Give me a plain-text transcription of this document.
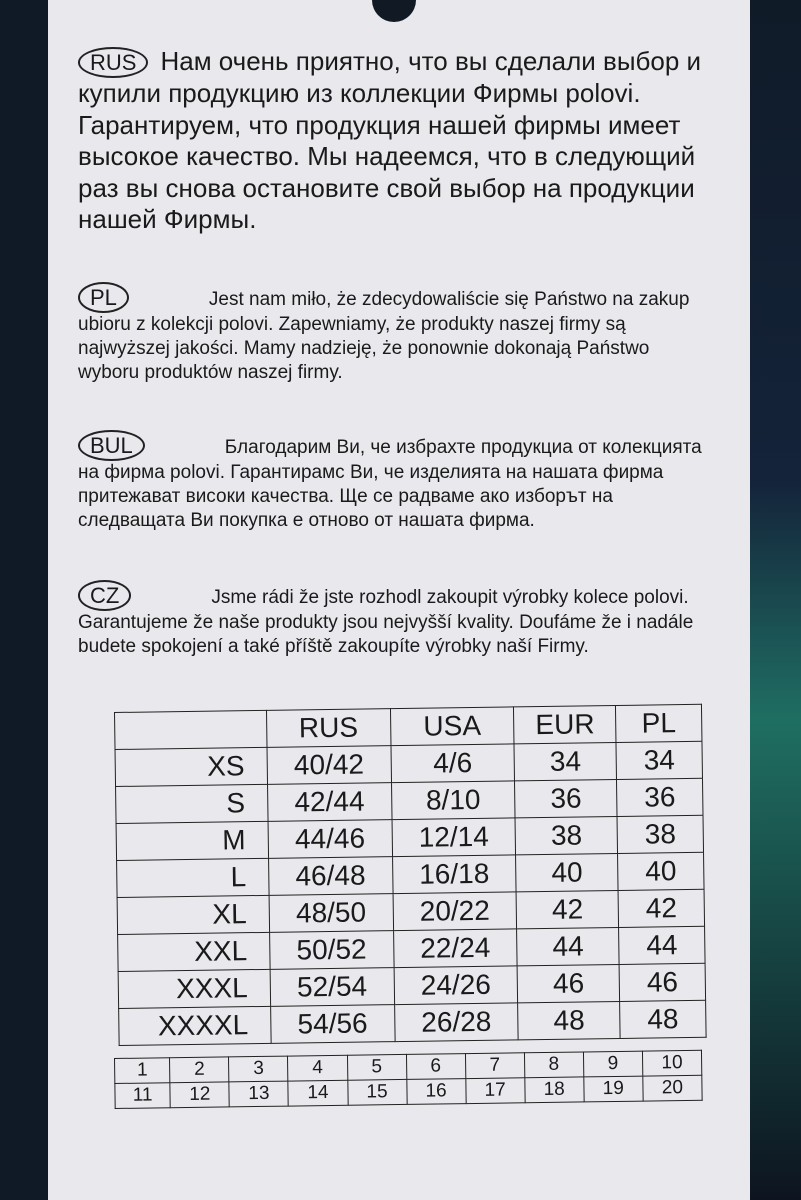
RUS Нам очень приятно, что вы сделали выбор и купили продукцию из коллекции Фирмы polovi. Гарантируем, что продукция нашей фирмы имеет высокое качество. Мы надеемся, что в следующий раз вы снова остановите свой выбор на продукции нашей Фирмы.
PL	Jest nam miło, że zdecydowaliście się Państwo na zakup ubioru z kolekcji polovi. Zapewniamy, że produkty naszej firmy są najwyższej jakości. Mamy nadzieję, że ponownie dokonają Państwo wyboru produktów naszej firmy.
BUL	Благодарим Ви, че избрахте продукциа от колекцията на фирма polovi. Гарантирамс Ви, че изделията на нашата фирма притежават високи качества. Ще се радваме ако изборът на следващата Ви покупка е отново от нашата фирма.
CZ	Jsme rádi že jste rozhodl zakoupit výrobky kolece polovi. Garantujeme že naše produkty jsou nejvyšší kvality. Doufáme že i nadále budete spokojení a také příště zakoupíte výrobky naší Firmy.
	RUS	USA	EUR	PL
XS	40/42	4/6	34	34
S	42/44	8/10	36	36
M	44/46	12/14	38	38
L	46/48	16/18	40	40
XL	48/50	20/22	42	42
XXL	50/52	22/24	44	44
XXXL	52/54	24/26	46	46
XXXXL	54/56	26/28	48	48
1	2	3	4	5	6	7	8	9	10
11	12	13	14	15	16	17	18	19	20
